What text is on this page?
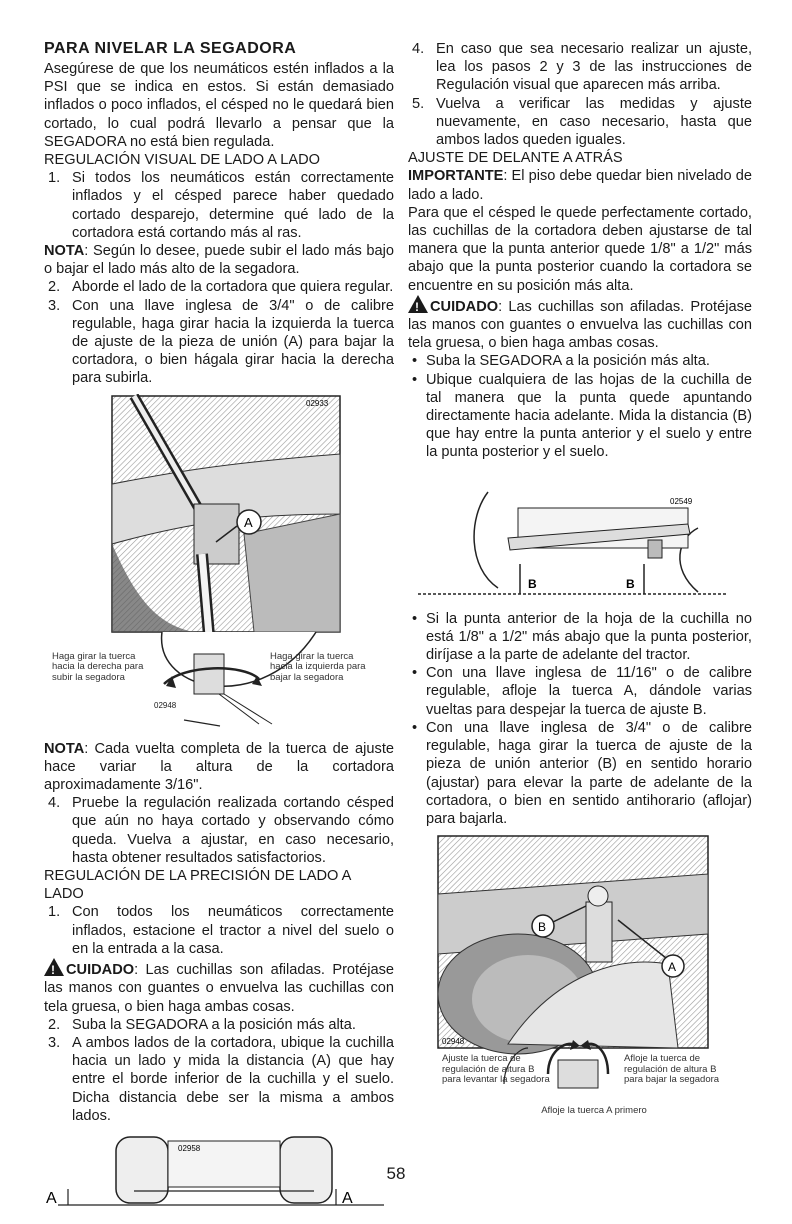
PARA NIVELAR LA SEGADORA

Asegúrese de que los neumáticos estén inflados a la PSI que se indica en estos. Si están demasiado inflados o poco inflados, el césped no le quedará bien cortado, lo cual podrá llevarlo a pensar que la SEGADORA no está bien regulada.

REGULACIÓN VISUAL DE LADO A LADO
1. Si todos los neumáticos están correctamente inflados y el césped parece haber quedado cortado desparejo, determine qué lado de la cortadora está cortando más al ras.

NOTA: Según lo desee, puede subir el lado más bajo o bajar el lado más alto de la segadora.

2. Aborde el lado de la cortadora que quiera regular.
3. Con una llave inglesa de 3/4" o de calibre regulable, haga girar hacia la izquierda la tuerca de ajuste de la pieza de unión (A) para bajar la cortadora, o bien hágala girar hacia la derecha para subirla.
A
02933
Haga girar la tuerca hacia la derecha para subir la segadora
Haga girar la tuerca hacia la izquierda para bajar la segadora
02948

NOTA: Cada vuelta completa de la tuerca de ajuste hace variar la altura de la cortadora aproximadamente 3/16".

4. Pruebe la regulación realizada cortando césped que aún no haya cortado y observando cómo queda. Vuelva a ajustar, en caso necesario, hasta obtener resultados satisfactorios.
REGULACIÓN DE LA PRECISIÓN DE LADO A LADO
1. Con todos los neumáticos correctamente inflados, estacione el tractor a nivel del suelo o en la entrada a la casa.

!CUIDADO: Las cuchillas son afiladas. Protéjase las manos con guantes o envuelva las cuchillas con tela gruesa, o bien haga ambas cosas.

2. Suba la SEGADORA a la posición más alta.
3. A ambos lados de la cortadora, ubique la cuchilla hacia un lado y mida la distancia (A) que hay entre el borde inferior de la cuchilla y el suelo. Dicha distancia debe ser la misma a ambos lados.
02958
A	A
4. En caso que sea necesario realizar un ajuste, lea los pasos 2 y 3 de las instrucciones de Regulación visual que aparecen más arriba.
5. Vuelva a verificar las medidas y ajuste nuevamente, en caso necesario, hasta que ambos lados queden iguales.
AJUSTE DE DELANTE A ATRÁS

IMPORTANTE: El piso debe quedar bien nivelado de lado a lado.

Para que el césped le quede perfectamente cortado, las cuchillas de la cortadora deben ajustarse de tal manera que la punta anterior quede 1/8" a 1/2" más abajo que la punta posterior cuando la cortadora se encuentre en su posición más alta.

!CUIDADO: Las cuchillas son afiladas. Protéjase las manos con guantes o envuelva las cuchillas con tela gruesa, o bien haga ambas cosas.

• Suba la SEGADORA a la posición más alta.
• Ubique cualquiera de las hojas de la cuchilla de tal manera que la punta quede apuntando directamente hacia adelante. Mida la distancia (B) que hay entre la punta anterior y el suelo y entre la punta posterior y el suelo.
B	B
02549
• Si la punta anterior de la hoja de la cuchilla no está 1/8" a 1/2" más abajo que la punta posterior, diríjase a la parte de adelante del tractor.
• Con una llave inglesa de 11/16" o de calibre regulable, afloje la tuerca A, dándole varias vueltas para despejar la tuerca de ajuste B.
• Con una llave inglesa de 3/4" o de calibre regulable, haga girar la tuerca de ajuste de la pieza de unión anterior (B) en sentido horario (ajustar) para elevar la parte de adelante de la cortadora, o bien en sentido antihorario (aflojar) para bajarla.
B
A
02948
Ajuste la tuerca de regulación de altura B para levantar la segadora
Afloje la tuerca de regulación de altura B para bajar la segadora
Afloje la tuerca A primero
58
